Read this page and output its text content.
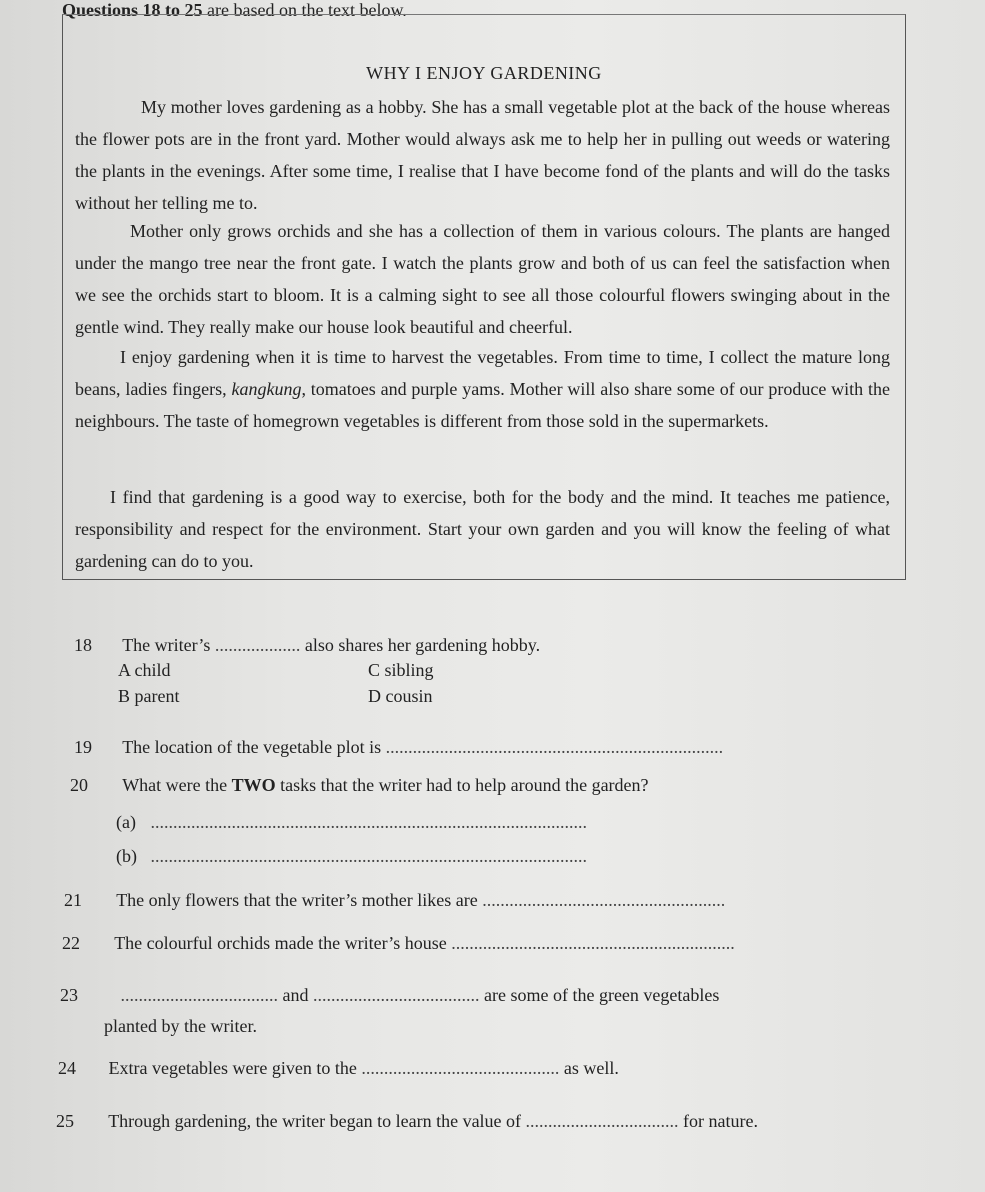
Questions 18 to 25 are based on the text below.
WHY I ENJOY GARDENING
My mother loves gardening as a hobby. She has a small vegetable plot at the back of the house whereas the flower pots are in the front yard. Mother would always ask me to help her in pulling out weeds or watering the plants in the evenings. After some time, I realise that I have become fond of the plants and will do the tasks without her telling me to.
Mother only grows orchids and she has a collection of them in various colours. The plants are hanged under the mango tree near the front gate. I watch the plants grow and both of us can feel the satisfaction when we see the orchids start to bloom. It is a calming sight to see all those colourful flowers swinging about in the gentle wind. They really make our house look beautiful and cheerful.
I enjoy gardening when it is time to harvest the vegetables. From time to time, I collect the mature long beans, ladies fingers, kangkung, tomatoes and purple yams. Mother will also share some of our produce with the neighbours. The taste of homegrown vegetables is different from those sold in the supermarkets.
I find that gardening is a good way to exercise, both for the body and the mind. It teaches me patience, responsibility and respect for the environment. Start your own garden and you will know the feeling of what gardening can do to you.
18 The writer’s ................... also shares her gardening hobby.
A child	C sibling
B parent	D cousin
19 The location of the vegetable plot is ...........................................................................
20 What were the TWO tasks that the writer had to help around the garden?
(a) .................................................................................................
(b) .................................................................................................
21 The only flowers that the writer’s mother likes are ......................................................
22 The colourful orchids made the writer’s house ...............................................................
23 ................................... and ..................................... are some of the green vegetables
planted by the writer.
24 Extra vegetables were given to the ............................................ as well.
25 Through gardening, the writer began to learn the value of .................................. for nature.
